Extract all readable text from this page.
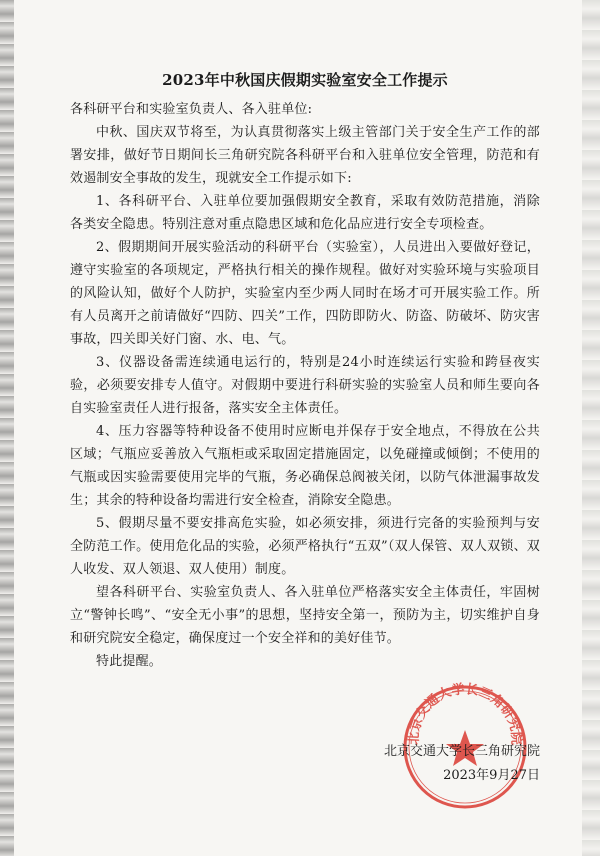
2023年中秋国庆假期实验室安全工作提示

各科研平台和实验室负责人、各入驻单位:

中秋、国庆双节将至，为认真贯彻落实上级主管部门关于安全生产工作的部署安排，做好节日期间长三角研究院各科研平台和入驻单位安全管理，防范和有效遏制安全事故的发生，现就安全工作提示如下:

1、各科研平台、入驻单位要加强假期安全教育，采取有效防范措施，消除各类安全隐患。特别注意对重点隐患区域和危化品应进行安全专项检查。

2、假期期间开展实验活动的科研平台（实验室），人员进出入要做好登记，遵守实验室的各项规定，严格执行相关的操作规程。做好对实验环境与实验项目的风险认知，做好个人防护，实验室内至少两人同时在场才可开展实验工作。所有人员离开之前请做好“四防、四关”工作，四防即防火、防盗、防破坏、防灾害事故，四关即关好门窗、水、电、气。

3、仪器设备需连续通电运行的，特别是24小时连续运行实验和跨昼夜实验，必须要安排专人值守。对假期中要进行科研实验的实验室人员和师生要向各自实验室责任人进行报备，落实安全主体责任。

4、压力容器等特种设备不使用时应断电并保存于安全地点，不得放在公共区域；气瓶应妥善放入气瓶柜或采取固定措施固定，以免碰撞或倾倒；不使用的气瓶或因实验需要使用完毕的气瓶，务必确保总阀被关闭，以防气体泄漏事故发生；其余的特种设备均需进行安全检查，消除安全隐患。

5、假期尽量不要安排高危实验，如必须安排，须进行完备的实验预判与安全防范工作。使用危化品的实验，必须严格执行“五双”（双人保管、双人双锁、双人收发、双人领退、双人使用）制度。

望各科研平台、实验室负责人、各入驻单位严格落实安全主体责任，牢固树立“警钟长鸣”、“安全无小事”的思想，坚持安全第一，预防为主，切实维护自身和研究院安全稳定，确保度过一个安全祥和的美好佳节。

特此提醒。

北京交通大学长三角研究院
北京交通大学长三角研究院
2023年9月27日
